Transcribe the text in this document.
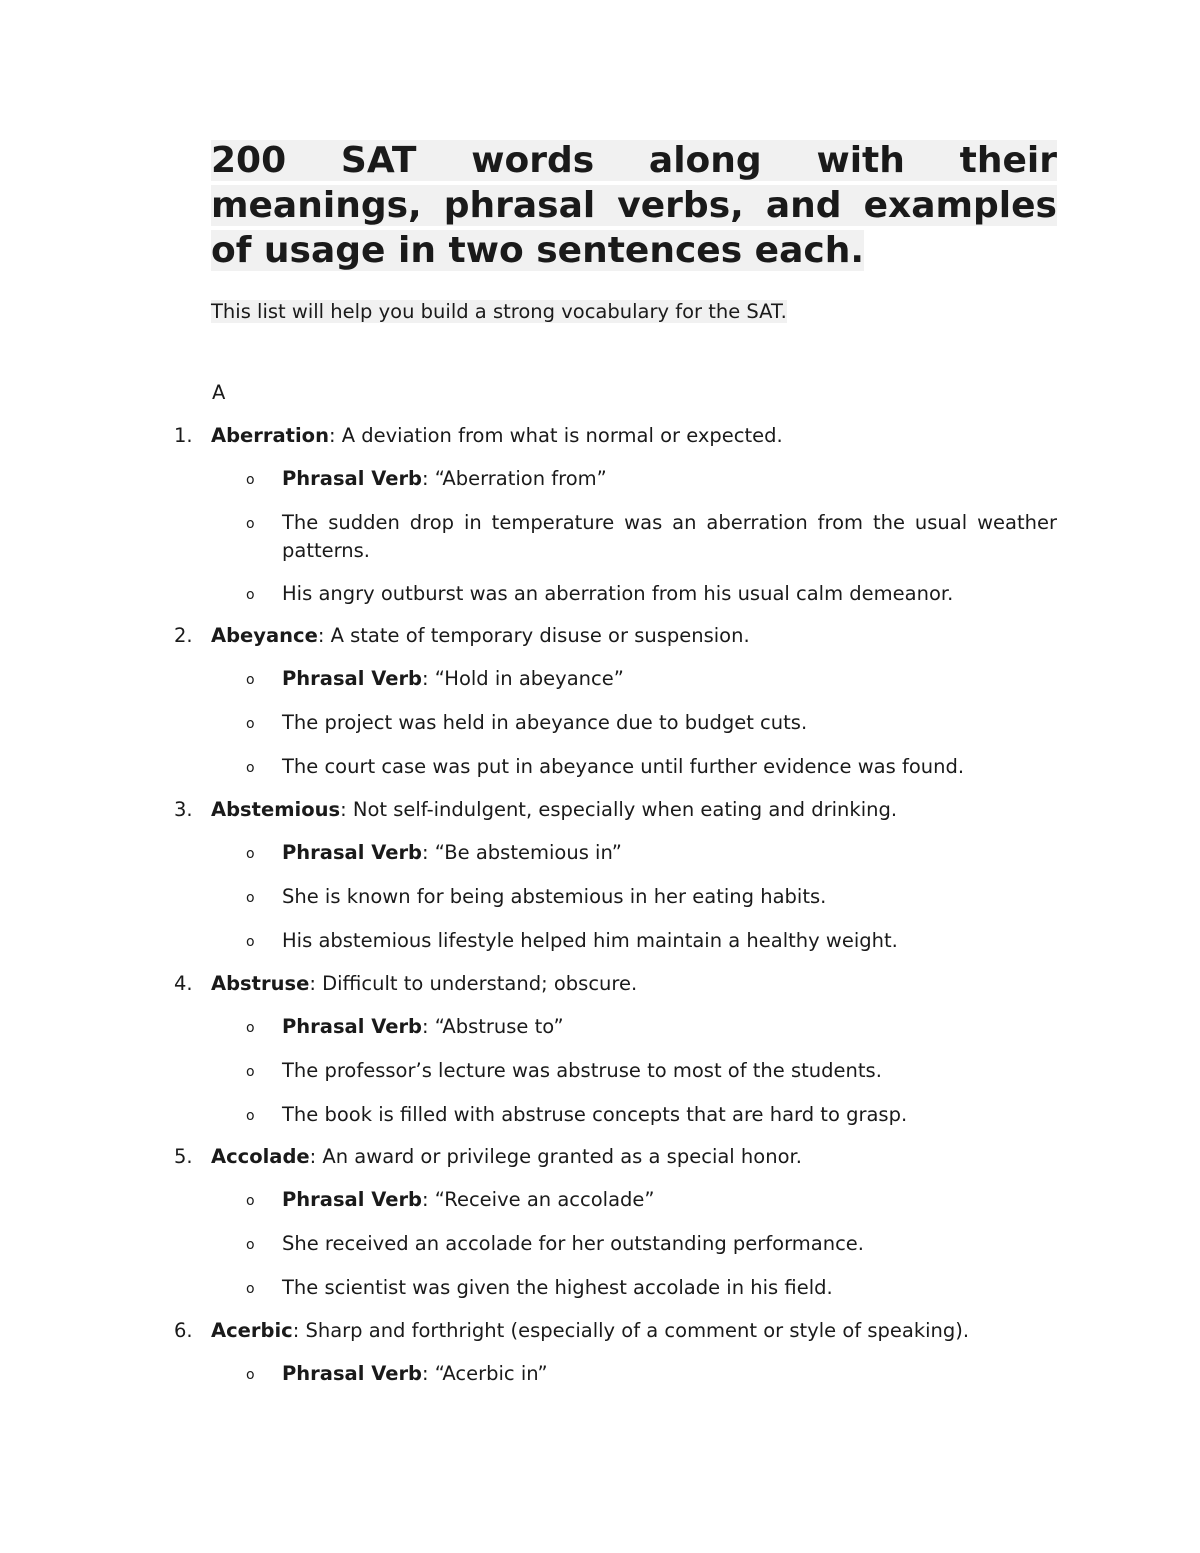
200 SAT words along with their meanings, phrasal verbs, and examples of usage in two sentences each.

This list will help you build a strong vocabulary for the SAT.

A

1. Aberration: A deviation from what is normal or expected.
o Phrasal Verb: “Aberration from”
o The sudden drop in temperature was an aberration from the usual weather patterns.
o His angry outburst was an aberration from his usual calm demeanor.
2. Abeyance: A state of temporary disuse or suspension.
o Phrasal Verb: “Hold in abeyance”
o The project was held in abeyance due to budget cuts.
o The court case was put in abeyance until further evidence was found.
3. Abstemious: Not self-indulgent, especially when eating and drinking.
o Phrasal Verb: “Be abstemious in”
o She is known for being abstemious in her eating habits.
o His abstemious lifestyle helped him maintain a healthy weight.
4. Abstruse: Difficult to understand; obscure.
o Phrasal Verb: “Abstruse to”
o The professor’s lecture was abstruse to most of the students.
o The book is filled with abstruse concepts that are hard to grasp.
5. Accolade: An award or privilege granted as a special honor.
o Phrasal Verb: “Receive an accolade”
o She received an accolade for her outstanding performance.
o The scientist was given the highest accolade in his field.
6. Acerbic: Sharp and forthright (especially of a comment or style of speaking).
o Phrasal Verb: “Acerbic in”
